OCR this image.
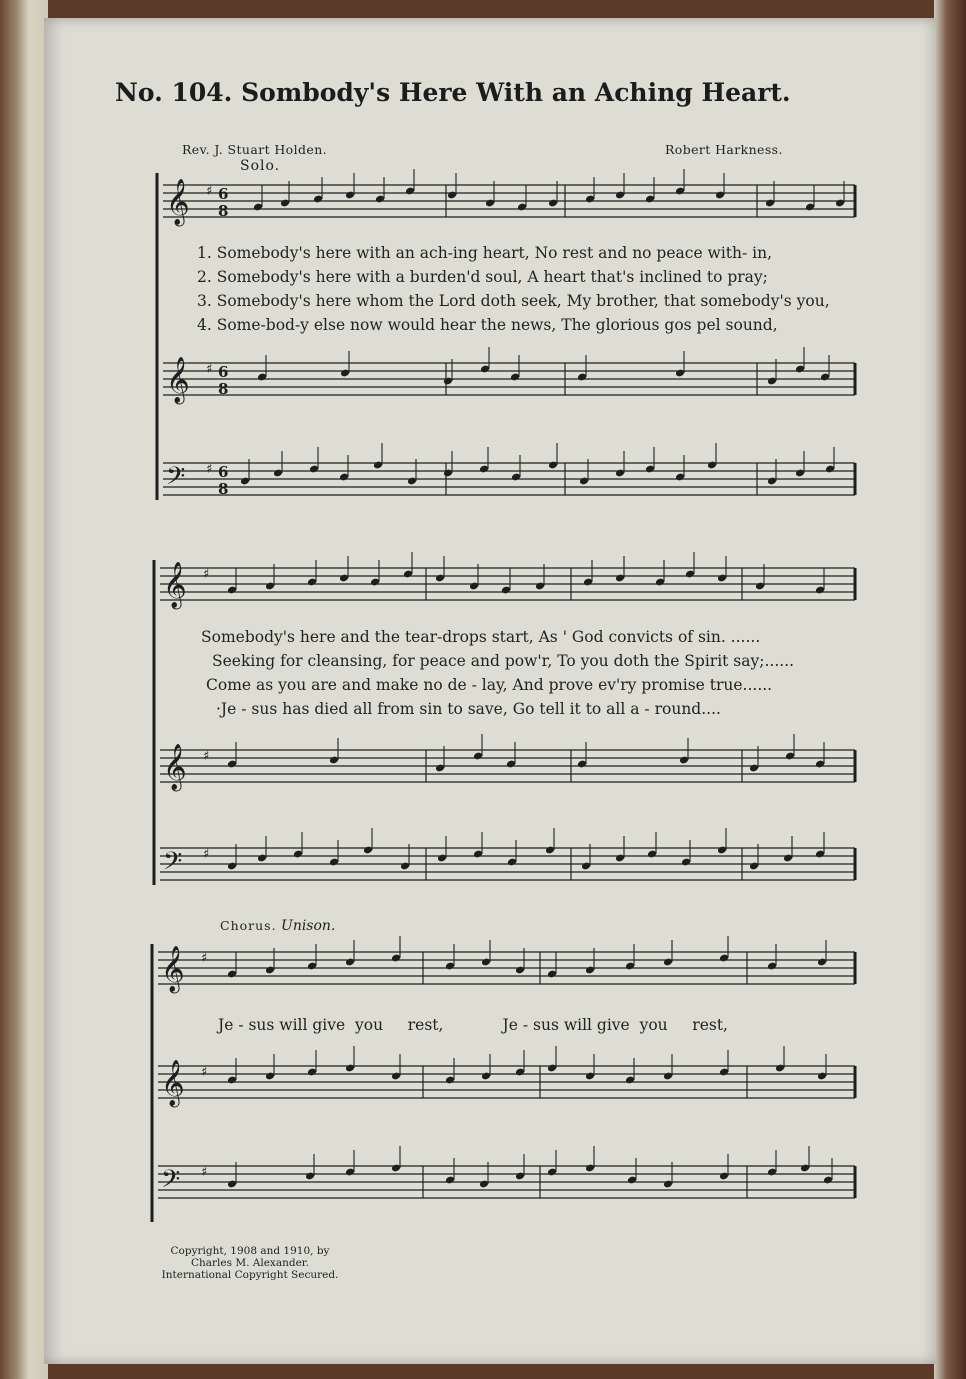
𝄞 6
8
𝄞 6
8
𝄢 6
8
𝄞
𝄞
𝄢
𝄞
𝄞
𝄢
♯
♯
♯
♯
♯
♯
♯
♯
♯
No. 104. Sombody's Here With an Aching Heart.
Rev. J. Stuart Holden.	Robert Harkness.
Solo.
1. Somebody's here with an ach-ing heart, No rest and no peace with- in,
2. Somebody's here with a burden'd soul, A heart that's inclined to pray;
3. Somebody's here whom the Lord doth seek, My brother, that somebody's you,
4. Some-bod-y else now would hear the news, The glorious gos pel sound,
Somebody's here and the tear-drops start, As ' God convicts of sin. ......
Seeking for cleansing, for peace and pow'r, To you doth the Spirit say;......
Come as you are and make no de - lay, And prove ev'ry promise true......
·Je - sus has died all from sin to save, Go tell it to all a - round....
Chorus. Unison.
Je - sus will give  you     rest,            Je - sus will give  you     rest,
Copyright, 1908 and 1910, by
Charles M. Alexander.
International Copyright Secured.
